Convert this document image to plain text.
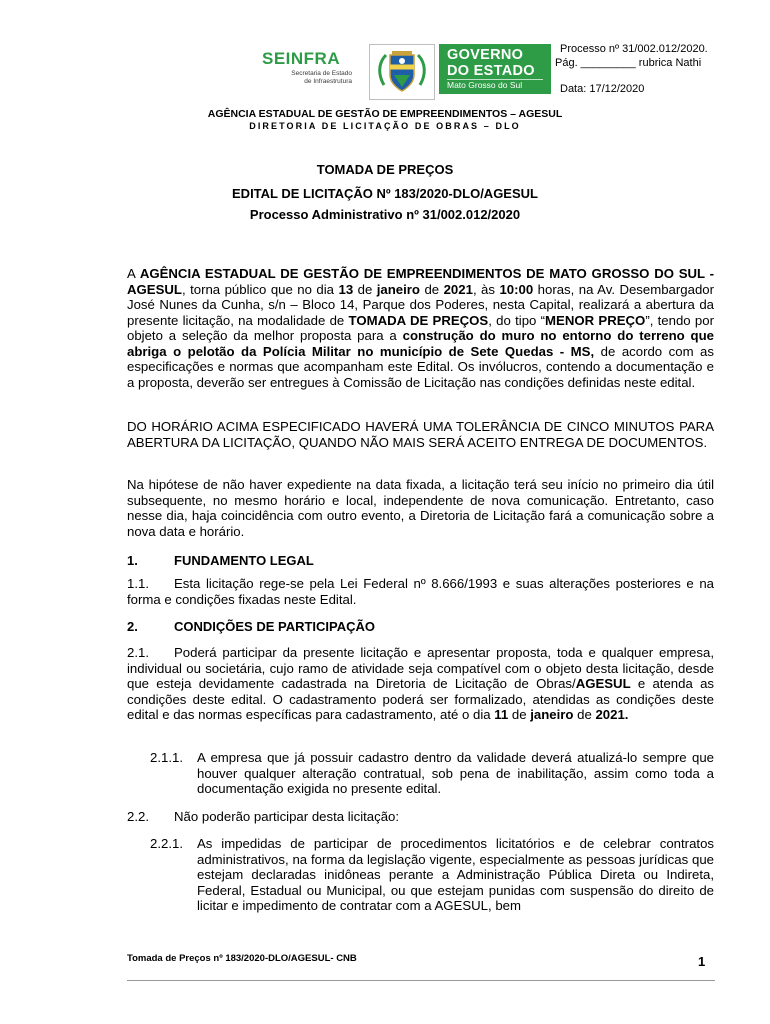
SEINFRA
Secretaria de Estado
de Infraestrutura
GOVERNO
DO ESTADO
Mato Grosso do Sul
Processo nº 31/002.012/2020.
Pág. _________ rubrica Nathi
Data: 17/12/2020
AGÊNCIA ESTADUAL DE GESTÃO DE EMPREENDIMENTOS – AGESUL
DIRETORIA DE LICITAÇÃO DE OBRAS – DLO
TOMADA DE PREÇOS
EDITAL DE LICITAÇÃO Nº 183/2020-DLO/AGESUL
Processo Administrativo nº 31/002.012/2020
A AGÊNCIA ESTADUAL DE GESTÃO DE EMPREENDIMENTOS DE MATO GROSSO DO SUL - AGESUL, torna público que no dia 13 de janeiro de 2021, às 10:00 horas, na Av. Desembargador José Nunes da Cunha, s/n – Bloco 14, Parque dos Poderes, nesta Capital, realizará a abertura da presente licitação, na modalidade de TOMADA DE PREÇOS, do tipo “MENOR PREÇO”, tendo por objeto a seleção da melhor proposta para a construção do muro no entorno do terreno que abriga o pelotão da Polícia Militar no município de Sete Quedas - MS, de acordo com as especificações e normas que acompanham este Edital. Os invólucros, contendo a documentação e a proposta, deverão ser entregues à Comissão de Licitação nas condições definidas neste edital.
DO HORÁRIO ACIMA ESPECIFICADO HAVERÁ UMA TOLERÂNCIA DE CINCO MINUTOS PARA ABERTURA DA LICITAÇÃO, QUANDO NÃO MAIS SERÁ ACEITO ENTREGA DE DOCUMENTOS.
Na hipótese de não haver expediente na data fixada, a licitação terá seu início no primeiro dia útil subsequente, no mesmo horário e local, independente de nova comunicação. Entretanto, caso nesse dia, haja coincidência com outro evento, a Diretoria de Licitação fará a comunicação sobre a nova data e horário.
1.	FUNDAMENTO LEGAL
1.1. Esta licitação rege-se pela Lei Federal nº 8.666/1993 e suas alterações posteriores e na forma e condições fixadas neste Edital.
2.	CONDIÇÕES DE PARTICIPAÇÃO
2.1. Poderá participar da presente licitação e apresentar proposta, toda e qualquer empresa, individual ou societária, cujo ramo de atividade seja compatível com o objeto desta licitação, desde que esteja devidamente cadastrada na Diretoria de Licitação de Obras/AGESUL e atenda as condições deste edital. O cadastramento poderá ser formalizado, atendidas as condições deste edital e das normas específicas para cadastramento, até o dia 11 de janeiro de 2021.
2.1.1. A empresa que já possuir cadastro dentro da validade deverá atualizá-lo sempre que houver qualquer alteração contratual, sob pena de inabilitação, assim como toda a documentação exigida no presente edital.
2.2. Não poderão participar desta licitação:
2.2.1. As impedidas de participar de procedimentos licitatórios e de celebrar contratos administrativos, na forma da legislação vigente, especialmente as pessoas jurídicas que estejam declaradas inidôneas perante a Administração Pública Direta ou Indireta, Federal, Estadual ou Municipal, ou que estejam punidas com suspensão do direito de licitar e impedimento de contratar com a AGESUL, bem
Tomada de Preços nº 183/2020-DLO/AGESUL- CNB	1
